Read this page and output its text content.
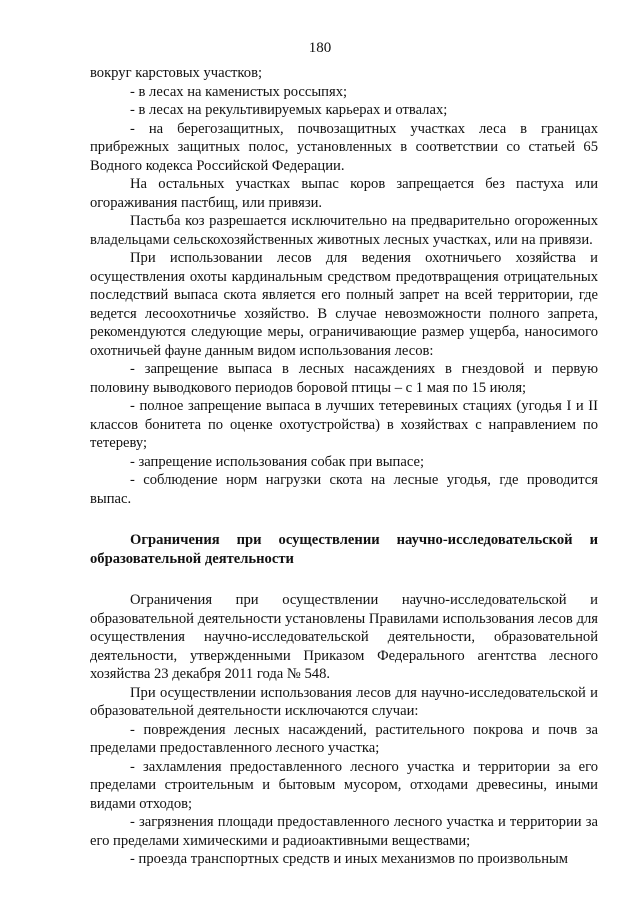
180

вокруг карстовых участков;

- в лесах на каменистых россыпях;

- в лесах на рекультивируемых карьерах и отвалах;

- на берегозащитных, почвозащитных участках леса в границах прибрежных защитных полос, установленных в соответствии со статьей 65 Водного кодекса Российской Федерации.

На остальных участках выпас коров запрещается без пастуха или огораживания пастбищ, или привязи.

Пастьба коз разрешается исключительно на предварительно огороженных владельцами сельскохозяйственных животных лесных участках, или на привязи.

При использовании лесов для ведения охотничьего хозяйства и осуществления охоты кардинальным средством предотвращения отрицательных последствий выпаса скота является его полный запрет на всей территории, где ведется лесоохотничье хозяйство. В случае невозможности полного запрета, рекомендуются следующие меры, ограничивающие размер ущерба, наносимого охотничьей фауне данным видом использования лесов:

- запрещение выпаса в лесных насаждениях в гнездовой и первую половину выводкового периодов боровой птицы – с 1 мая по 15 июля;

- полное запрещение выпаса в лучших тетеревиных стациях (угодья I и II классов бонитета по оценке охотустройства) в хозяйствах с направлением по тетереву;

- запрещение использования собак при выпасе;

- соблюдение норм нагрузки скота на лесные угодья, где проводится выпас.

Ограничения при осуществлении научно-исследовательской и образовательной деятельности

Ограничения при осуществлении научно-исследовательской и образовательной деятельности установлены Правилами использования лесов для осуществления научно-исследовательской деятельности, образовательной деятельности, утвержденными Приказом Федерального агентства лесного хозяйства 23 декабря 2011 года № 548.

При осуществлении использования лесов для научно-исследовательской и образовательной деятельности исключаются случаи:

- повреждения лесных насаждений, растительного покрова и почв за пределами предоставленного лесного участка;

- захламления предоставленного лесного участка и территории за его пределами строительным и бытовым мусором, отходами древесины, иными видами отходов;

- загрязнения площади предоставленного лесного участка и территории за его пределами химическими и радиоактивными веществами;

- проезда транспортных средств и иных механизмов по произвольным
